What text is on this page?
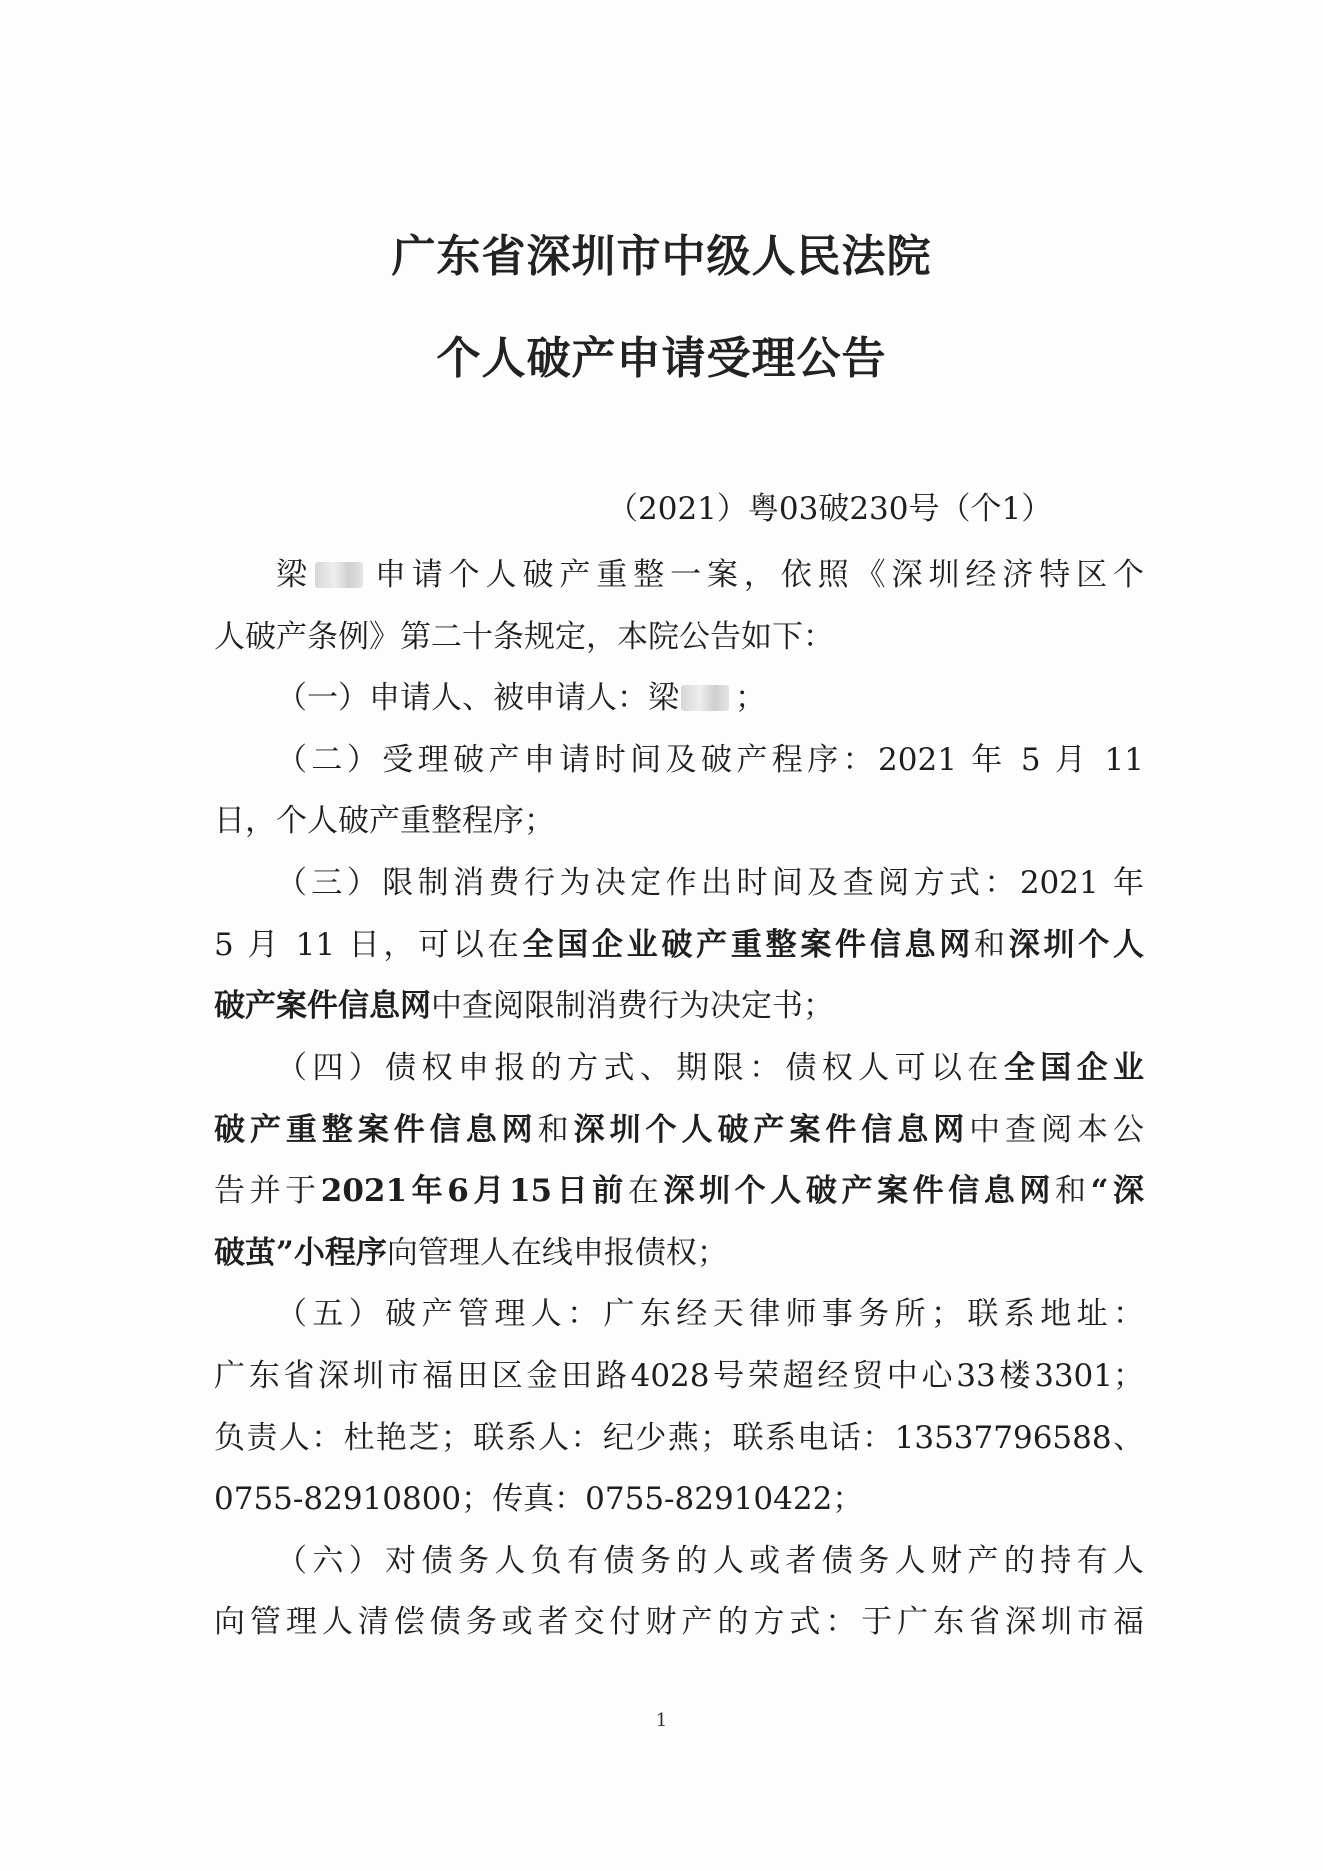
广东省深圳市中级人民法院
个人破产申请受理公告
（2021）粤03破230号（个1）
梁 申请个人破产重整一案，依照《深圳经济特区个
人破产条例》第二十条规定，本院公告如下：
（一）申请人、被申请人：梁 ；
（二）受理破产申请时间及破产程序：2021 年 5 月 11
日，个人破产重整程序；
（三）限制消费行为决定作出时间及查阅方式：2021 年
5 月 11 日，可以在全国企业破产重整案件信息网和深圳个人
破产案件信息网中查阅限制消费行为决定书；
（四）债权申报的方式、期限：债权人可以在全国企业
破产重整案件信息网和深圳个人破产案件信息网中查阅本公
告并于2021年6月15日前在深圳个人破产案件信息网和“深
破茧”小程序向管理人在线申报债权；
（五）破产管理人：广东经天律师事务所；联系地址：
广东省深圳市福田区金田路4028号荣超经贸中心33楼3301；
负责人：杜艳芝；联系人：纪少燕；联系电话：13537796588、
0755-82910800；传真：0755-82910422；
（六）对债务人负有债务的人或者债务人财产的持有人
向管理人清偿债务或者交付财产的方式：于广东省深圳市福
1
